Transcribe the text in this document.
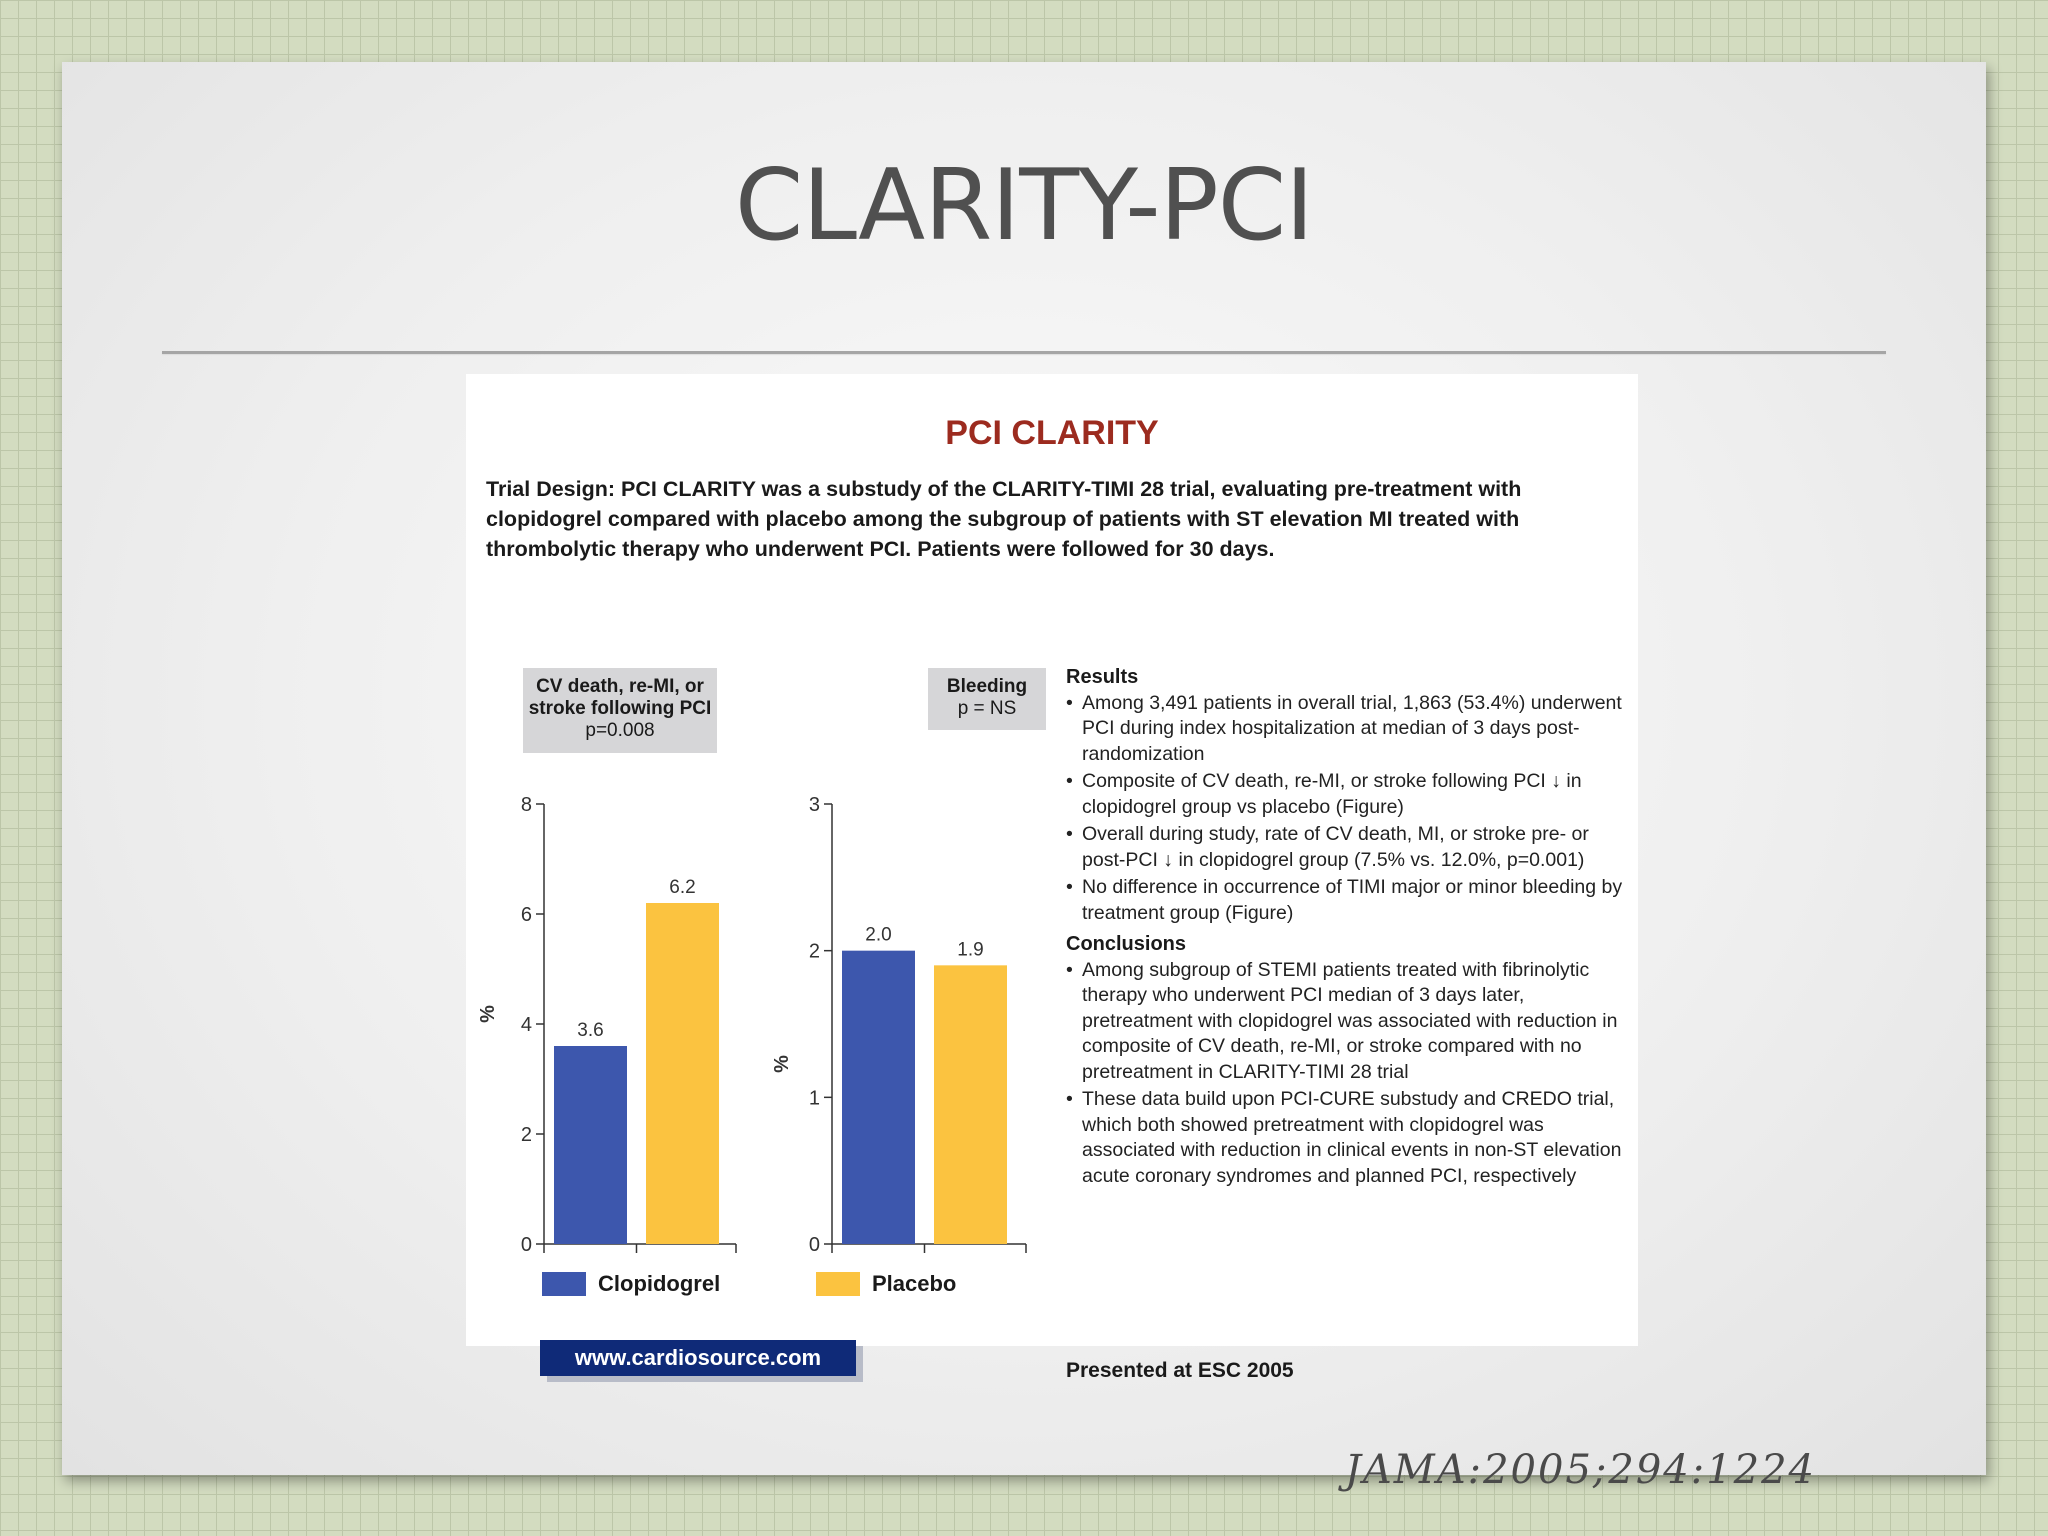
CLARITY-PCI
PCI CLARITY
Trial Design: PCI CLARITY was a substudy of the CLARITY-TIMI 28 trial, evaluating pre-treatment with clopidogrel compared with placebo among the subgroup of patients with ST elevation MI treated with thrombolytic therapy who underwent PCI. Patients were followed for 30 days.
CV death, re-MI, or
stroke following PCI
p=0.008
0
2
4
6
8
%
3.6
6.2
Bleeding
p = NS
0
1
2
3
%
2.0
1.9
Clopidogrel	Placebo
www.cardiosource.com
Results
• Among 3,491 patients in overall trial, 1,863 (53.4%) underwent PCI during index hospitalization at median of 3 days post-randomization
• Composite of CV death, re-MI, or stroke following PCI ↓ in clopidogrel group vs placebo (Figure)
• Overall during study, rate of CV death, MI, or stroke pre- or post-PCI ↓ in clopidogrel group (7.5% vs. 12.0%, p=0.001)
• No difference in occurrence of TIMI major or minor bleeding by treatment group (Figure)
Conclusions
• Among subgroup of STEMI patients treated with fibrinolytic therapy who underwent PCI median of 3 days later, pretreatment with clopidogrel was associated with reduction in composite of CV death, re-MI, or stroke compared with no pretreatment in CLARITY-TIMI 28 trial
• These data build upon PCI-CURE substudy and CREDO trial, which both showed pretreatment with clopidogrel was associated with reduction in clinical events in non-ST elevation acute coronary syndromes and planned PCI, respectively
Presented at ESC 2005
JAMA:2005;294:1224
